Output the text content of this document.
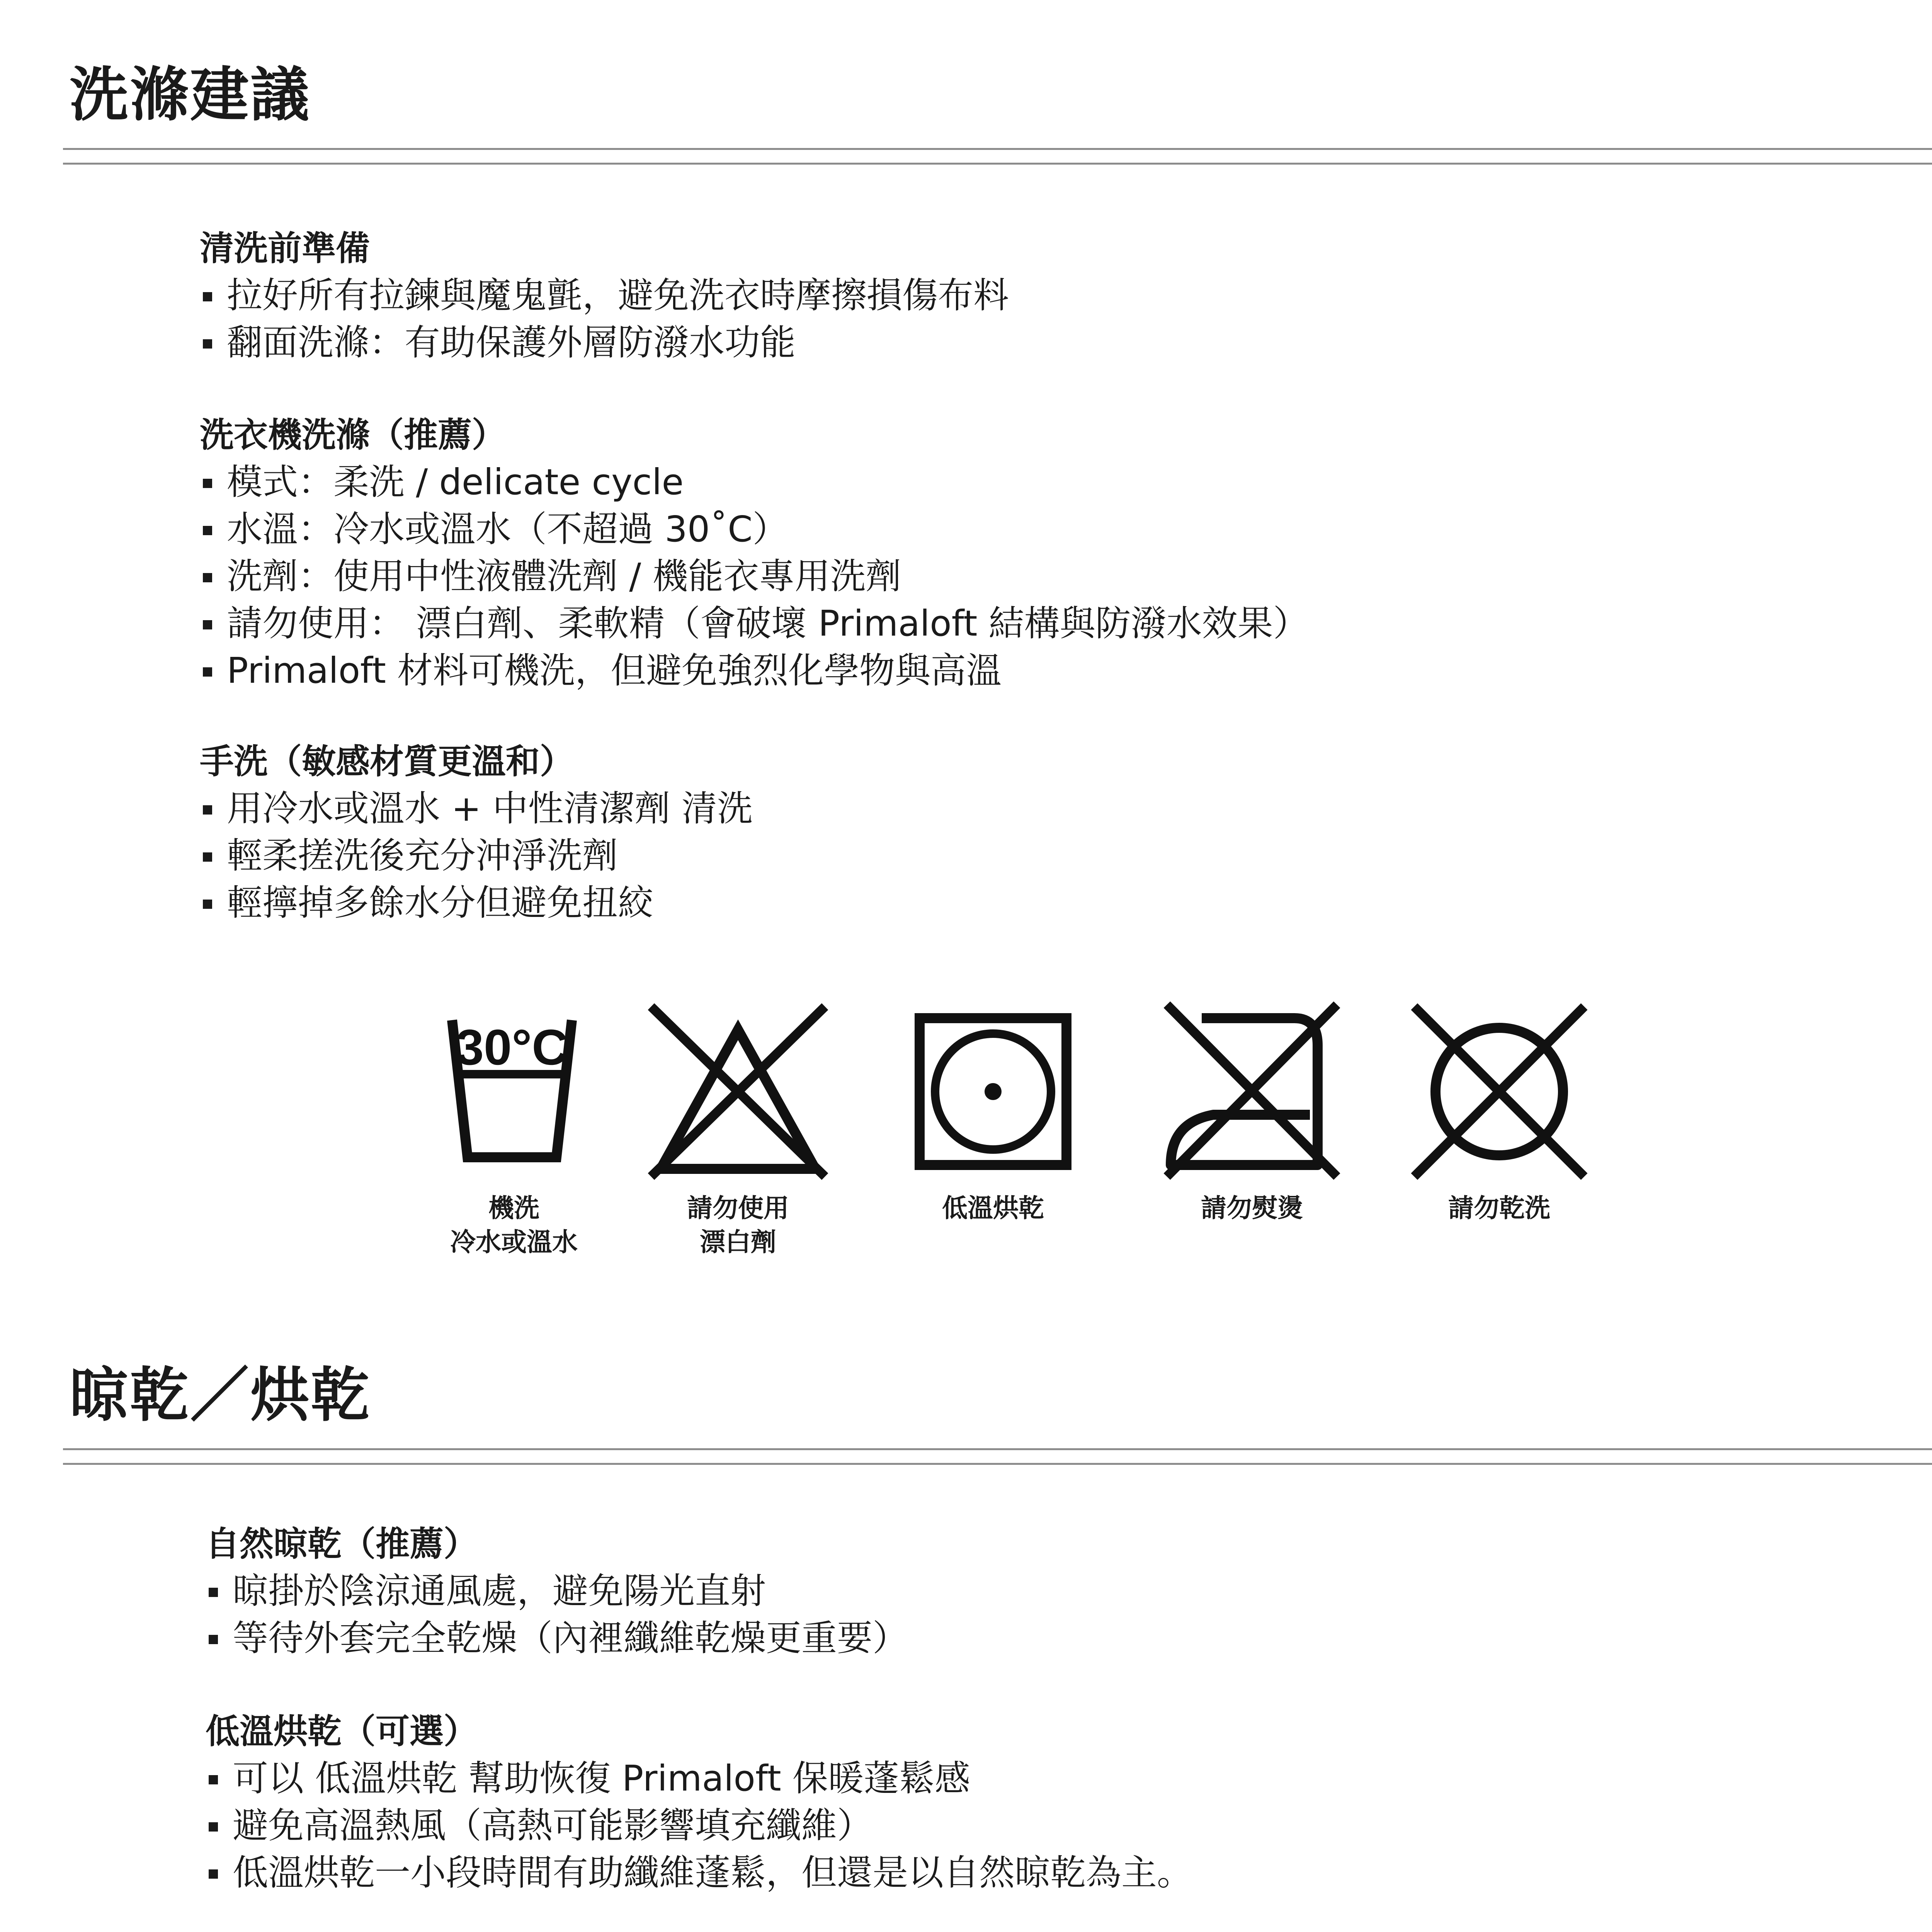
洗滌建議
清洗前準備
拉好所有拉鍊與魔鬼氈，避免洗衣時摩擦損傷布料
翻面洗滌：有助保護外層防潑水功能
洗衣機洗滌（推薦）
模式：柔洗 / delicate cycle
水溫：冷水或溫水（不超過 30˚C）
洗劑：使用中性液體洗劑 / 機能衣專用洗劑
請勿使用： 漂白劑、柔軟精（會破壞 Primaloft 結構與防潑水效果）
Primaloft 材料可機洗，但避免強烈化學物與高溫
手洗（敏感材質更溫和）
用冷水或溫水 + 中性清潔劑 清洗
輕柔搓洗後充分沖淨洗劑
輕擰掉多餘水分但避免扭絞
30°C
機洗
冷水或溫水
請勿使用
漂白劑
低溫烘乾	請勿熨燙	請勿乾洗
晾乾／烘乾
自然晾乾（推薦）
晾掛於陰涼通風處，避免陽光直射
等待外套完全乾燥（內裡纖維乾燥更重要）
低溫烘乾（可選）
可以 低溫烘乾 幫助恢復 Primaloft 保暖蓬鬆感
避免高溫熱風（高熱可能影響填充纖維）
低溫烘乾一小段時間有助纖維蓬鬆，但還是以自然晾乾為主。
